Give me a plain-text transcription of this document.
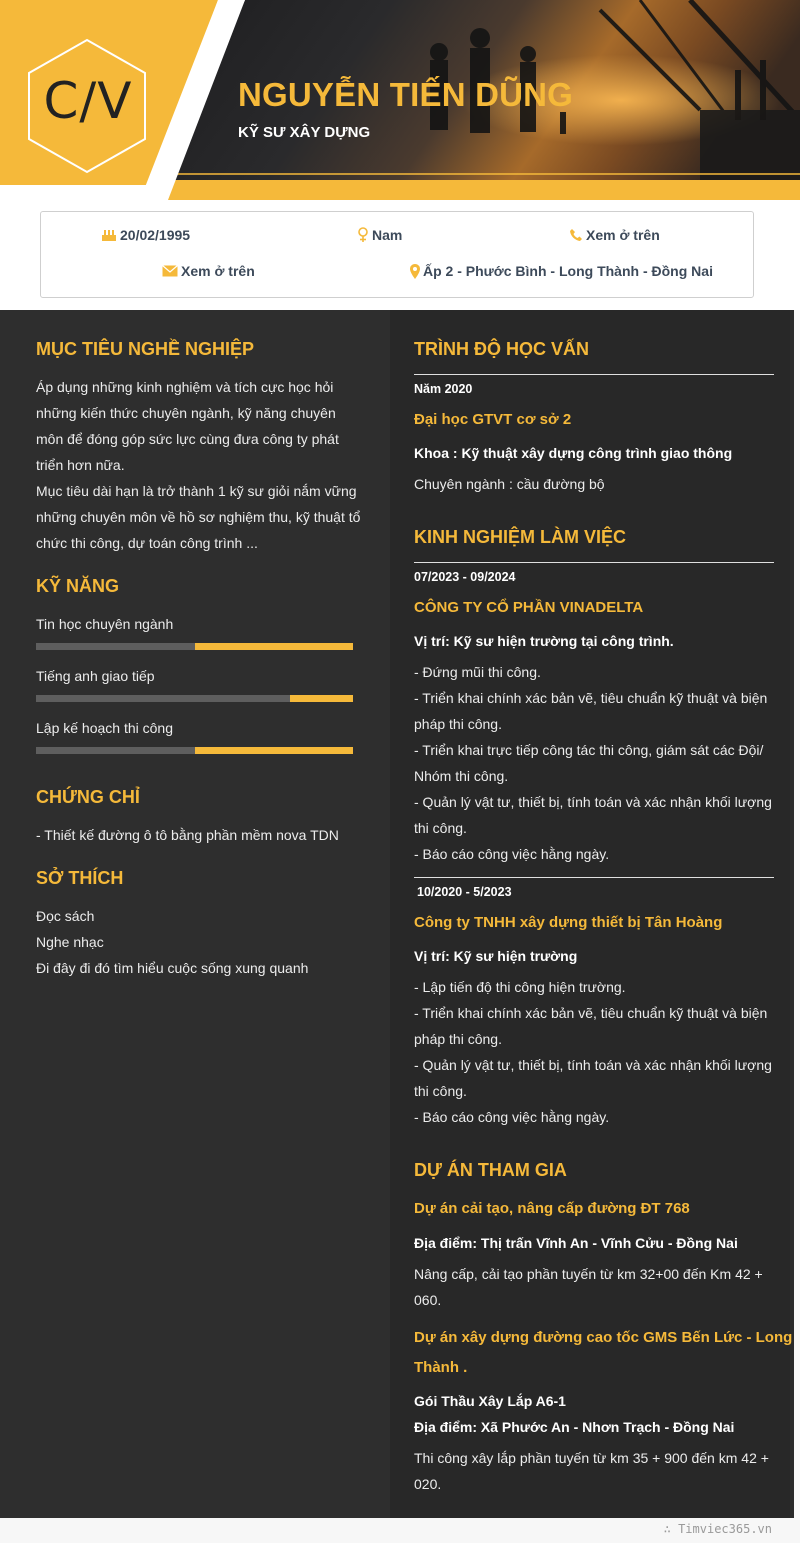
C/V	NGUYỄN TIẾN DŨNG
KỸ SƯ XÂY DỰNG
20/02/1995	Nam	Xem ở trên
Xem ở trên	Ấp 2 - Phước Bình - Long Thành - Đồng Nai
MỤC TIÊU NGHỀ NGHIỆP
Áp dụng những kinh nghiệm và tích cực học hỏi
những kiến thức chuyên ngành, kỹ năng chuyên
môn để đóng góp sức lực cùng đưa công ty phát
triển hơn nữa.
Mục tiêu dài hạn là trở thành 1 kỹ sư giỏi nắm vững
những chuyên môn về hồ sơ nghiệm thu, kỹ thuật tổ
chức thi công, dự toán công trình ...
KỸ NĂNG
Tin học chuyên ngành
Tiếng anh giao tiếp
Lập kế hoạch thi công
CHỨNG CHỈ
- Thiết kế đường ô tô bằng phần mềm nova TDN
SỞ THÍCH
Đọc sách
Nghe nhạc
Đi đây đi đó tìm hiểu cuộc sống xung quanh
TRÌNH ĐỘ HỌC VẤN
Năm 2020
Đại học GTVT cơ sở 2
Khoa : Kỹ thuật xây dựng công trình giao thông
Chuyên ngành : cầu đường bộ
KINH NGHIỆM LÀM VIỆC
07/2023 - 09/2024
CÔNG TY CỔ PHẦN VINADELTA
Vị trí: Kỹ sư hiện trường tại công trình.
- Đứng mũi thi công.
- Triển khai chính xác bản vẽ, tiêu chuẩn kỹ thuật và biện
pháp thi công.
- Triển khai trực tiếp công tác thi công, giám sát các Đội/
Nhóm thi công.
- Quản lý vật tư, thiết bị, tính toán và xác nhận khối lượng
thi công.
- Báo cáo công việc hằng ngày.
10/2020 - 5/2023
Công ty TNHH xây dựng thiết bị Tân Hoàng
Vị trí: Kỹ sư hiện trường
- Lập tiến độ thi công hiện trường.
- Triển khai chính xác bản vẽ, tiêu chuẩn kỹ thuật và biện
pháp thi công.
- Quản lý vật tư, thiết bị, tính toán và xác nhận khối lượng
thi công.
- Báo cáo công việc hằng ngày.
DỰ ÁN THAM GIA
Dự án cải tạo, nâng cấp đường ĐT 768
Địa điểm: Thị trấn Vĩnh An - Vĩnh Cửu - Đồng Nai
Nâng cấp, cải tạo phần tuyến từ km 32+00 đến Km 42 +
060.
Dự án xây dựng đường cao tốc GMS Bến Lức - Long
Thành .
Gói Thầu Xây Lắp A6-1
Địa điểm: Xã Phước An - Nhơn Trạch - Đồng Nai
Thi công xây lắp phần tuyến từ km 35 + 900 đến km 42 +
020.
∴ Timviec365.vn
